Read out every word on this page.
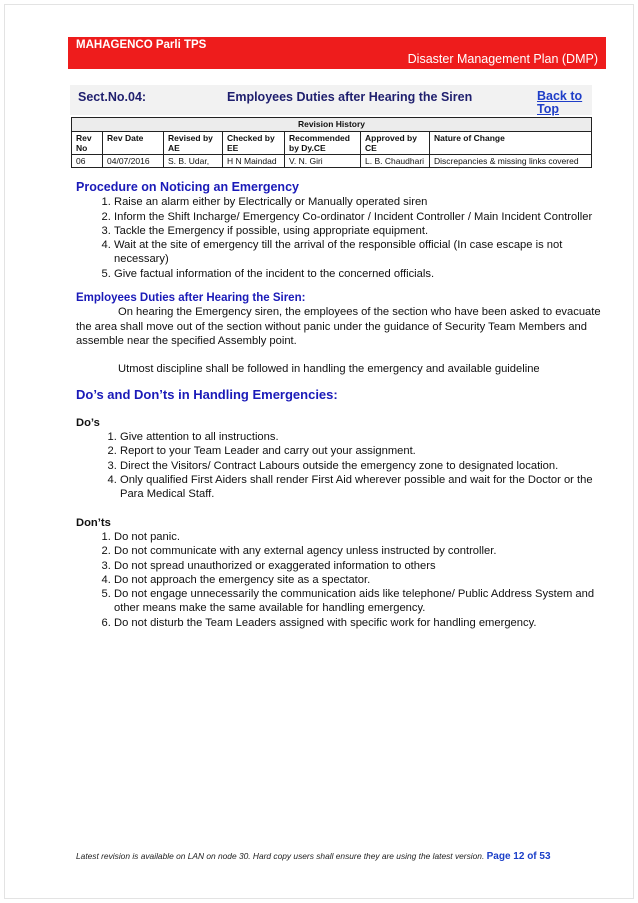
MAHAGENCO Parli TPS
Disaster Management Plan (DMP)
Sect.No.04:	Employees Duties after Hearing the Siren	Back to Top
Revision History						
Rev No	Rev Date	Revised by AE	Checked by EE	Recommended by Dy.CE	Approved by CE	Nature of Change
06	04/07/2016	S. B. Udar,	H N Maindad	V. N. Giri	L. B. Chaudhari	Discrepancies & missing links covered
Procedure on Noticing an Emergency
1. Raise an alarm either by Electrically or Manually operated siren
2. Inform the Shift Incharge/ Emergency Co-ordinator / Incident Controller / Main Incident Controller
3. Tackle the Emergency if possible, using appropriate equipment.
4. Wait at the site of emergency till the arrival of the responsible official (In case escape is not necessary)
5. Give factual information of the incident to the concerned officials.
Employees Duties after Hearing the Siren:

On hearing the Emergency siren, the employees of the section who have been asked to evacuate the area shall move out of the section without panic under the guidance of Security Team Members and assemble near the specified Assembly point.

Utmost discipline shall be followed in handling the emergency and available guideline

Do’s and Don’ts in Handling Emergencies:

Do’s

1. Give attention to all instructions.
2. Report to your Team Leader and carry out your assignment.
3. Direct the Visitors/ Contract Labours outside the emergency zone to designated location.
4. Only qualified First Aiders shall render First Aid wherever possible and wait for the Doctor or the Para Medical Staff.

Don’ts

1. Do not panic.
2. Do not communicate with any external agency unless instructed by controller.
3. Do not spread unauthorized or exaggerated information to others
4. Do not approach the emergency site as a spectator.
5. Do not engage unnecessarily the communication aids like telephone/ Public Address System and other means make the same available for handling emergency.
6. Do not disturb the Team Leaders assigned with specific work for handling emergency.
Latest revision is available on LAN on node 30. Hard copy users shall ensure they are using the latest version. Page 12 of 53
